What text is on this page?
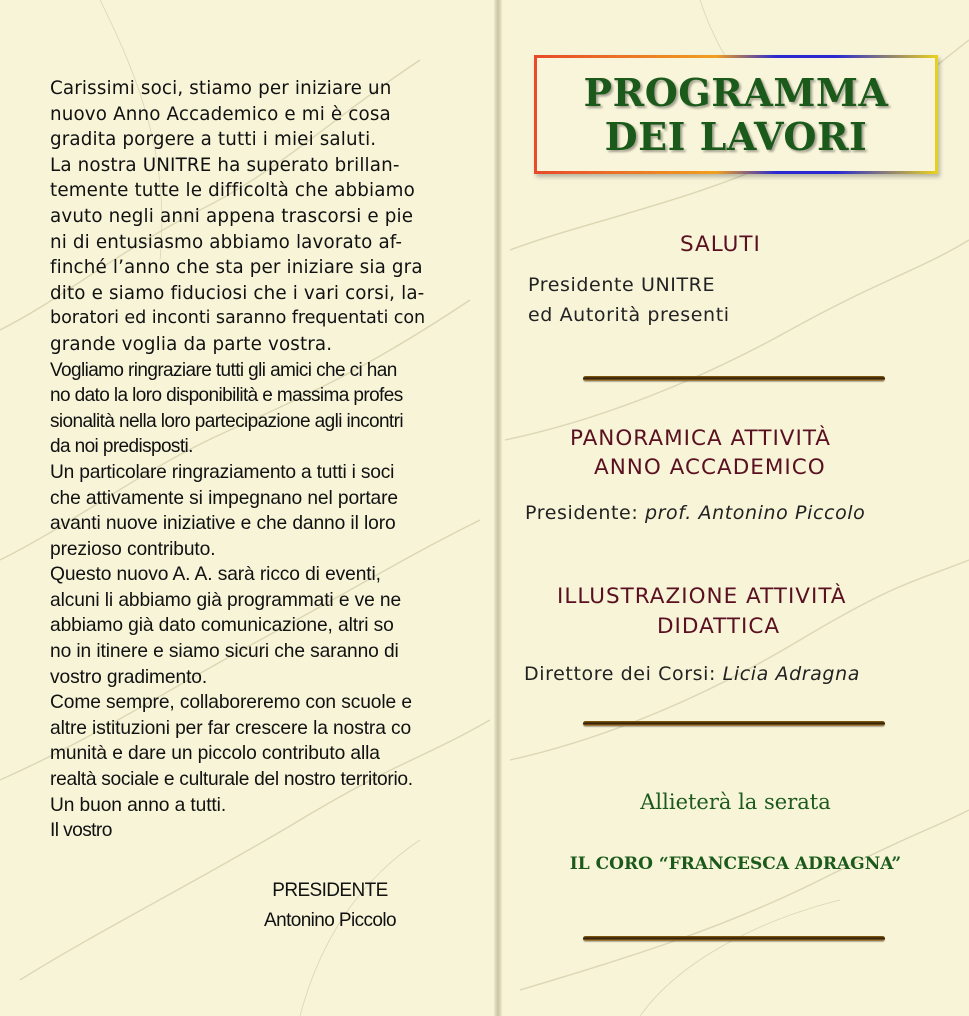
Carissimi soci, stiamo per iniziare un

nuovo Anno Accademico e mi è cosa

gradita porgere a tutti i miei saluti.

La nostra UNITRE ha superato brillan-

temente tutte le difficoltà che abbiamo

avuto negli anni appena trascorsi e pie

ni di entusiasmo abbiamo lavorato af-

finché l’anno che sta per iniziare sia gra

dito e siamo fiduciosi che i vari corsi, la-

boratori ed inconti saranno frequentati con

grande voglia da parte vostra.

Vogliamo ringraziare tutti gli amici che ci han

no dato la loro disponibilità e massima profes

sionalità nella loro partecipazione agli incontri

da noi predisposti.

Un particolare ringraziamento a tutti i soci

che attivamente si impegnano nel portare

avanti nuove iniziative e che danno il loro

prezioso contributo.

Questo nuovo A. A. sarà ricco di eventi,

alcuni li abbiamo già programmati e ve ne

abbiamo già dato comunicazione, altri so

no in itinere e siamo sicuri che saranno di

vostro gradimento.

Come sempre, collaboreremo con scuole e

altre istituzioni per far crescere la nostra co

munità e dare un piccolo contributo alla

realtà sociale e culturale del nostro territorio.

Un buon anno a tutti.

Il vostro

PRESIDENTE
Antonino Piccolo
PROGRAMMA
DEI LAVORI
SALUTI
Presidente UNITRE
ed Autorità presenti
PANORAMICA ATTIVITÀ
ANNO ACCADEMICO
Presidente: prof. Antonino Piccolo
ILLUSTRAZIONE ATTIVITÀ
DIDATTICA
Direttore dei Corsi: Licia Adragna
Allieterà la serata
IL CORO “FRANCESCA ADRAGNA”
